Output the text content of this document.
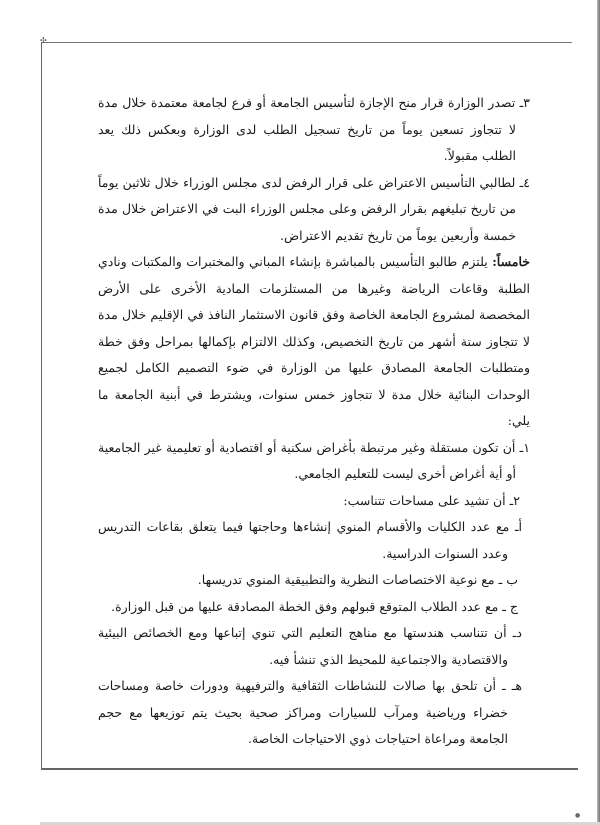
✣
●

٣ـ تصدر الوزارة قرار منح الإجازة لتأسيس الجامعة أو فرع لجامعة معتمدة خلال مدة لا تتجاوز تسعين يوماً من تاريخ تسجيل الطلب لدى الوزارة وبعكس ذلك يعد الطلب مقبولاً.

٤ـ لطالبي التأسيس الاعتراض على قرار الرفض لدى مجلس الوزراء خلال ثلاثين يوماً من تاريخ تبليغهم بقرار الرفض وعلى مجلس الوزراء البت في الاعتراض خلال مدة خمسة وأربعين يوماً من تاريخ تقديم الاعتراض.

خامساً: يلتزم طالبو التأسيس بالمباشرة بإنشاء المباني والمختبرات والمكتبات ونادي الطلبة وقاعات الرياضة وغيرها من المستلزمات المادية الأخرى على الأرض المخصصة لمشروع الجامعة الخاصة وفق قانون الاستثمار النافذ في الإقليم خلال مدة لا تتجاوز ستة أشهر من تاريخ التخصيص، وكذلك الالتزام بإكمالها بمراحل وفق خطة ومتطلبات الجامعة المصادق عليها من الوزارة في ضوء التصميم الكامل لجميع الوحدات البنائية خلال مدة لا تتجاوز خمس سنوات، ويشترط في أبنية الجامعة ما يلي:

١ـ أن تكون مستقلة وغير مرتبطة بأغراض سكنية أو اقتصادية أو تعليمية غير الجامعية أو أية أغراض أخرى ليست للتعليم الجامعي.

٢ـ أن تشيد على مساحات تتناسب:

أـ مع عدد الكليات والأقسام المنوي إنشاءها وحاجتها فيما يتعلق بقاعات التدريس وعدد السنوات الدراسية.

ب ـ مع نوعية الاختصاصات النظرية والتطبيقية المنوي تدريسها.

ج ـ مع عدد الطلاب المتوقع قبولهم وفق الخطة المصادقة عليها من قبل الوزارة.

دـ أن تتناسب هندستها مع مناهج التعليم التي تنوي إتباعها ومع الخصائص البيئية والاقتصادية والاجتماعية للمحيط الذي تنشأ فيه.

هـ ـ أن تلحق بها صالات للنشاطات الثقافية والترفيهية ودورات خاصة ومساحات خضراء ورياضية ومرآب للسيارات ومراكز صحية بحيث يتم توزيعها مع حجم الجامعة ومراعاة احتياجات ذوي الاحتياجات الخاصة.
